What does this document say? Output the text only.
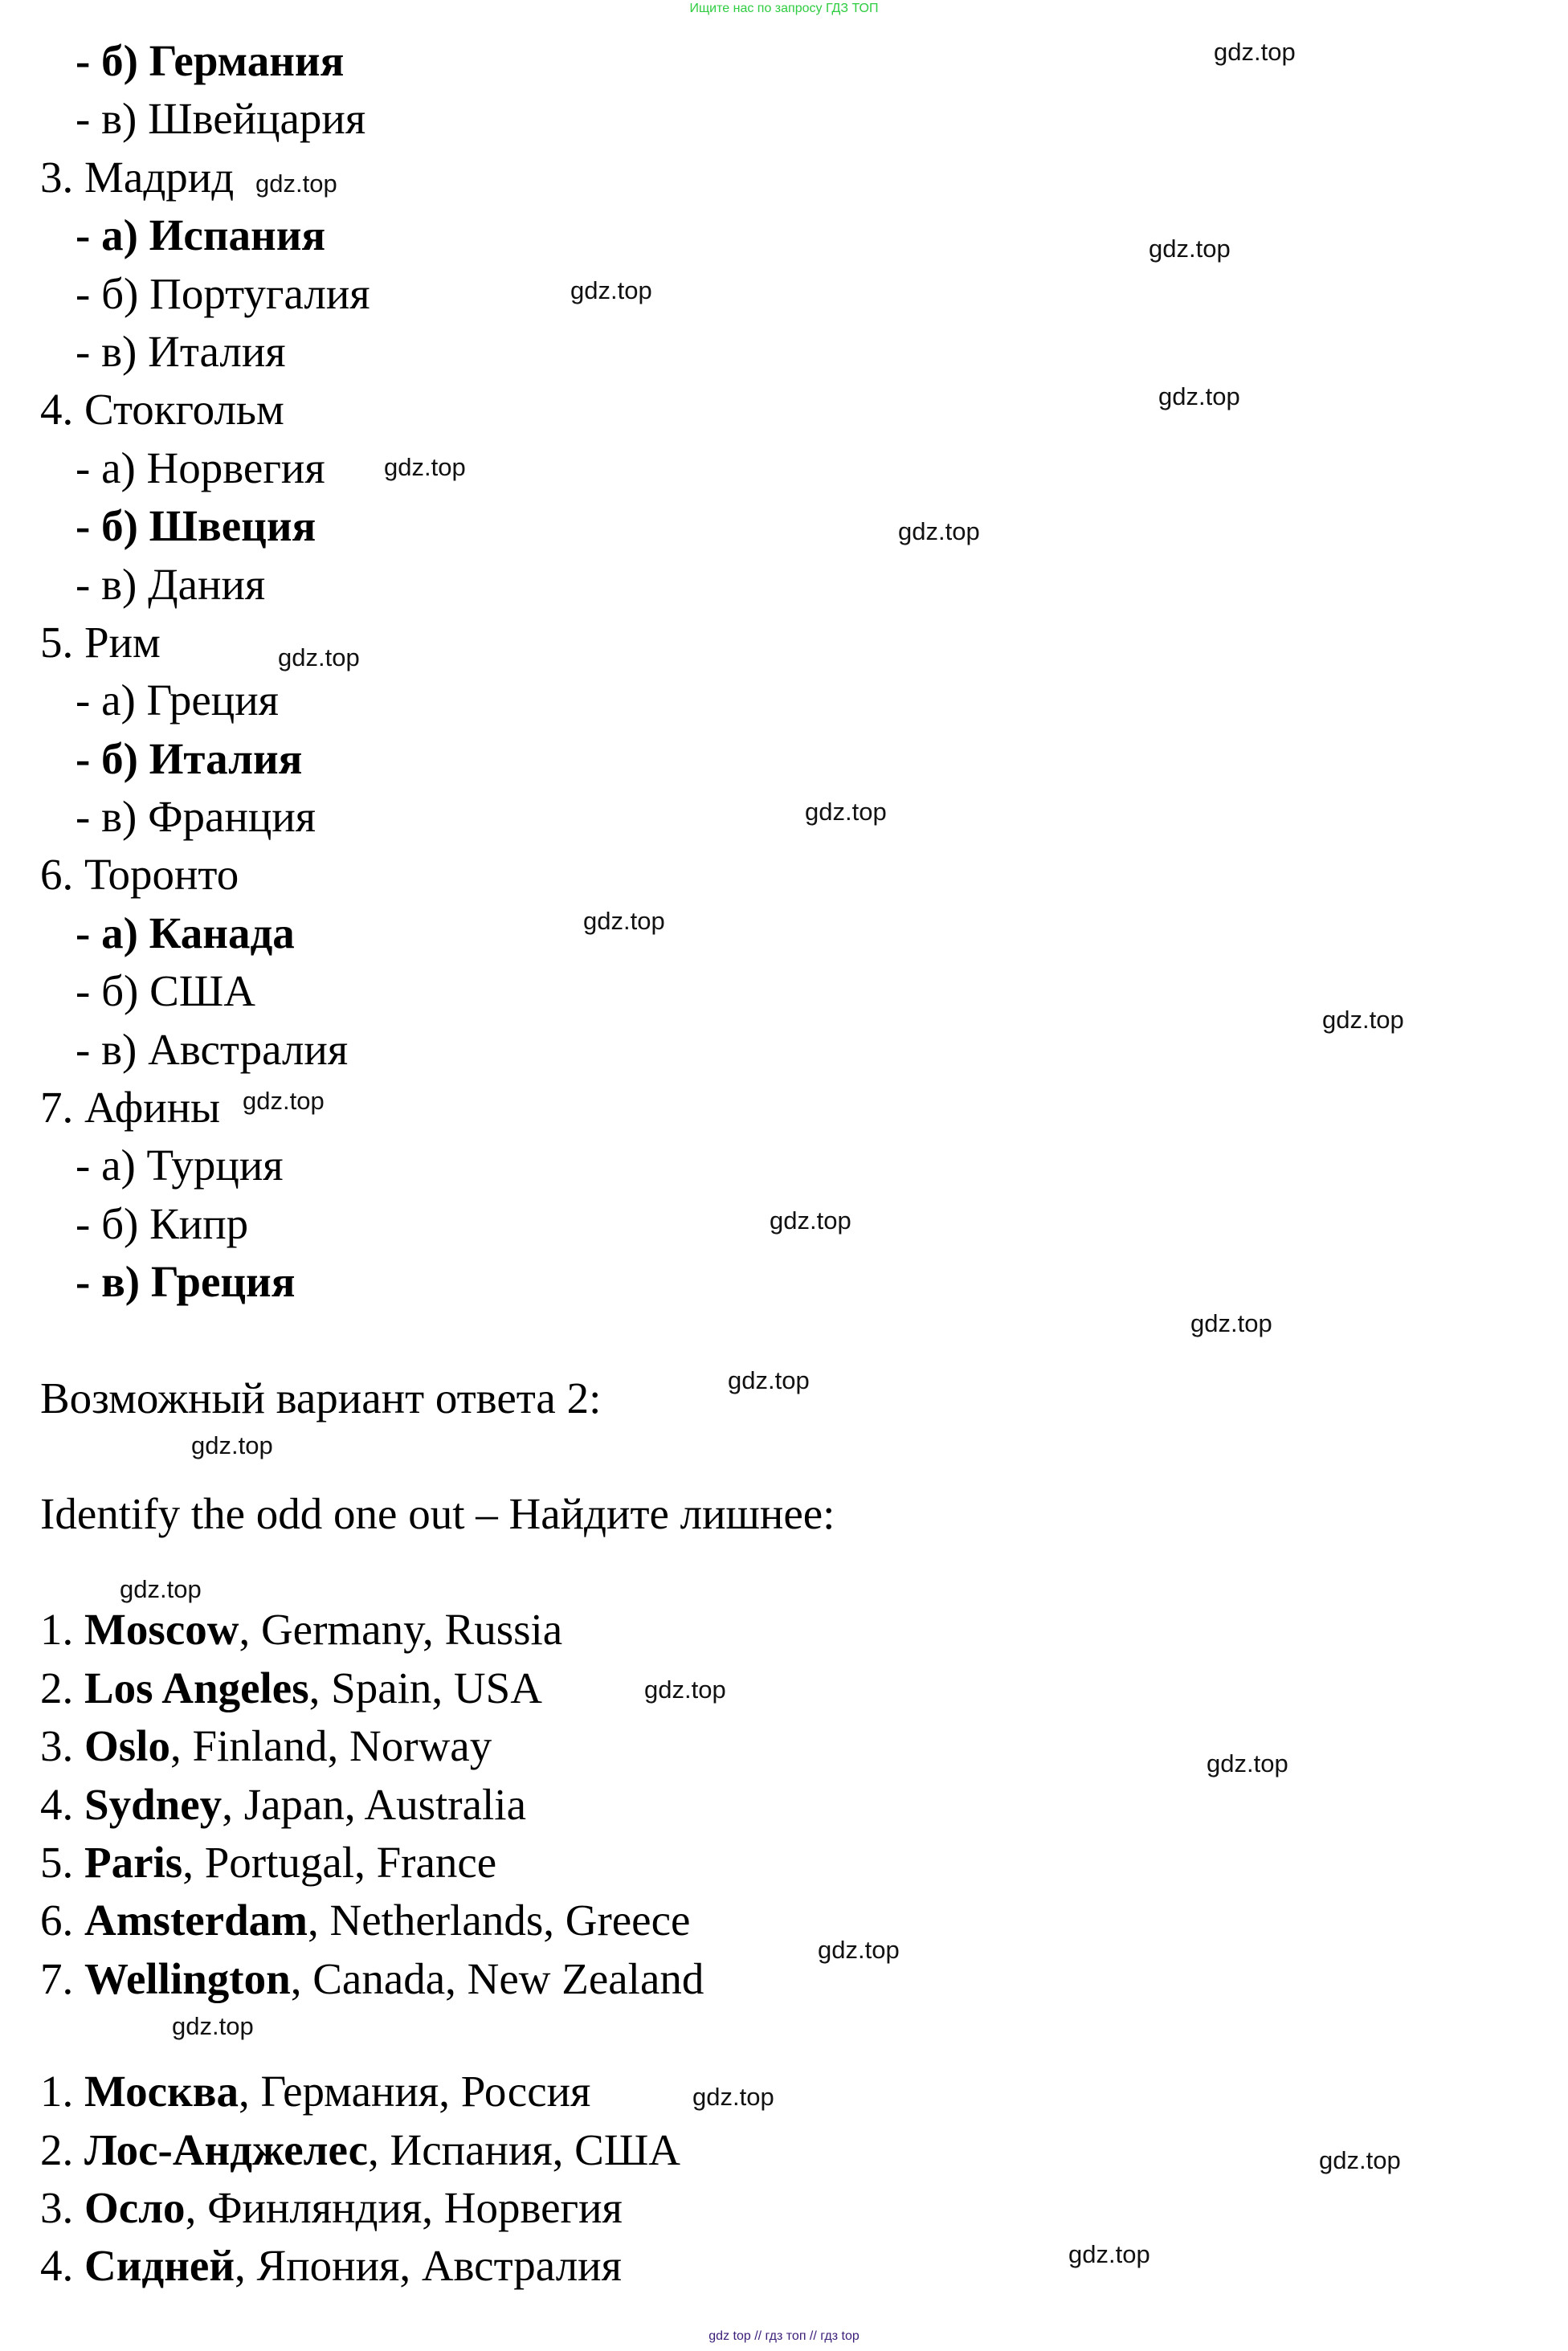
Ищите нас по запросу ГДЗ ТОП
- б) Германия
- в) Швейцария
3. Мадрид
- а) Испания
- б) Португалия
- в) Италия
4. Стокгольм
- а) Норвегия
- б) Швеция
- в) Дания
5. Рим
- а) Греция
- б) Италия
- в) Франция
6. Торонто
- а) Канада
- б) США
- в) Австралия
7. Афины
- а) Турция
- б) Кипр
- в) Греция
Возможный вариант ответа 2:
Identify the odd one out – Найдите лишнее:
1. Moscow, Germany, Russia
2. Los Angeles, Spain, USA
3. Oslo, Finland, Norway
4. Sydney, Japan, Australia
5. Paris, Portugal, France
6. Amsterdam, Netherlands, Greece
7. Wellington, Canada, New Zealand
1. Москва, Германия, Россия
2. Лос-Анджелес, Испания, США
3. Осло, Финляндия, Норвегия
4. Сидней, Япония, Австралия
gdz.top
gdz.top
gdz.top
gdz.top
gdz.top
gdz.top
gdz.top
gdz.top
gdz.top
gdz.top
gdz.top
gdz.top
gdz.top
gdz.top
gdz.top
gdz.top
gdz.top
gdz.top
gdz.top
gdz.top
gdz.top
gdz.top
gdz.top
gdz.top
gdz top // гдз топ // гдз top
